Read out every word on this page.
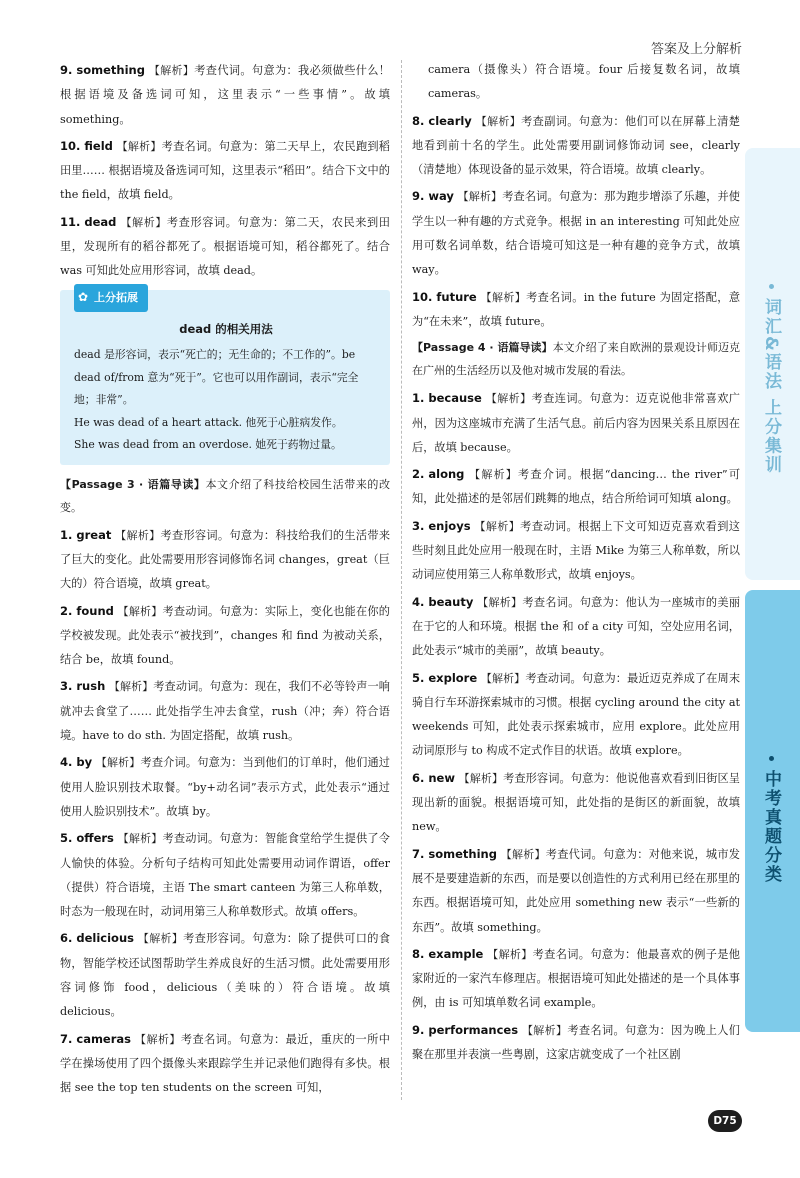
答案及上分解析
9. something 【解析】考查代词。句意为：我必须做些什么！根据语境及备选词可知，这里表示“一些事情”。故填 something。
10. field 【解析】考查名词。句意为：第二天早上，农民跑到稻田里…… 根据语境及备选词可知，这里表示“稻田”。结合下文中的 the field，故填 field。
11. dead 【解析】考查形容词。句意为：第二天，农民来到田里，发现所有的稻谷都死了。根据语境可知，稻谷都死了。结合 was 可知此处应用形容词，故填 dead。
✿ 上分拓展
dead 的相关用法

dead 是形容词，表示“死亡的；无生命的；不工作的”。be dead of/from 意为“死于”。它也可以用作副词，表示“完全地；非常”。

He was dead of a heart attack. 他死于心脏病发作。

She was dead from an overdose. 她死于药物过量。

【Passage 3 · 语篇导读】本文介绍了科技给校园生活带来的改变。
1. great 【解析】考查形容词。句意为：科技给我们的生活带来了巨大的变化。此处需要用形容词修饰名词 changes，great（巨大的）符合语境，故填 great。
2. found 【解析】考查动词。句意为：实际上，变化也能在你的学校被发现。此处表示“被找到”，changes 和 find 为被动关系，结合 be，故填 found。
3. rush 【解析】考查动词。句意为：现在，我们不必等铃声一响就冲去食堂了…… 此处指学生冲去食堂，rush（冲；奔）符合语境。have to do sth. 为固定搭配，故填 rush。
4. by 【解析】考查介词。句意为：当到他们的订单时，他们通过使用人脸识别技术取餐。“by+动名词”表示方式，此处表示“通过使用人脸识别技术”。故填 by。
5. offers 【解析】考查动词。句意为：智能食堂给学生提供了令人愉快的体验。分析句子结构可知此处需要用动词作谓语，offer（提供）符合语境，主语 The smart canteen 为第三人称单数，时态为一般现在时，动词用第三人称单数形式。故填 offers。
6. delicious 【解析】考查形容词。句意为：除了提供可口的食物，智能学校还试图帮助学生养成良好的生活习惯。此处需要用形容词修饰 food，delicious（美味的）符合语境。故填 delicious。
7. cameras 【解析】考查名词。句意为：最近，重庆的一所中学在操场使用了四个摄像头来跟踪学生并记录他们跑得有多快。根据 see the top ten students on the screen 可知，
camera（摄像头）符合语境。four 后接复数名词，故填 cameras。
8. clearly 【解析】考查副词。句意为：他们可以在屏幕上清楚地看到前十名的学生。此处需要用副词修饰动词 see，clearly（清楚地）体现设备的显示效果，符合语境。故填 clearly。
9. way 【解析】考查名词。句意为：那为跑步增添了乐趣，并使学生以一种有趣的方式竞争。根据 in an interesting 可知此处应用可数名词单数，结合语境可知这是一种有趣的竞争方式，故填 way。
10. future 【解析】考查名词。in the future 为固定搭配，意为“在未来”，故填 future。
【Passage 4 · 语篇导读】本文介绍了来自欧洲的景观设计师迈克在广州的生活经历以及他对城市发展的看法。
1. because 【解析】考查连词。句意为：迈克说他非常喜欢广州，因为这座城市充满了生活气息。前后内容为因果关系且原因在后，故填 because。
2. along 【解析】考查介词。根据“dancing… the river”可知，此处描述的是邻居们跳舞的地点，结合所给词可知填 along。
3. enjoys 【解析】考查动词。根据上下文可知迈克喜欢看到这些时刻且此处应用一般现在时，主语 Mike 为第三人称单数，所以动词应使用第三人称单数形式，故填 enjoys。
4. beauty 【解析】考查名词。句意为：他认为一座城市的美丽在于它的人和环境。根据 the 和 of a city 可知，空处应用名词，此处表示“城市的美丽”，故填 beauty。
5. explore 【解析】考查动词。句意为：最近迈克养成了在周末骑自行车环游探索城市的习惯。根据 cycling around the city at weekends 可知，此处表示探索城市，应用 explore。此处应用动词原形与 to 构成不定式作目的状语。故填 explore。
6. new 【解析】考查形容词。句意为：他说他喜欢看到旧街区呈现出新的面貌。根据语境可知，此处指的是街区的新面貌，故填 new。
7. something 【解析】考查代词。句意为：对他来说，城市发展不是要建造新的东西，而是要以创造性的方式利用已经在那里的东西。根据语境可知，此处应用 something new 表示“一些新的东西”。故填 something。
8. example 【解析】考查名词。句意为：他最喜欢的例子是他家附近的一家汽车修理店。根据语境可知此处描述的是一个具体事例，由 is 可知填单数名词 example。
9. performances 【解析】考查名词。句意为：因为晚上人们聚在那里并表演一些粤剧，这家店就变成了一个社区剧
词汇&语法 上分集训
中考真题分类
D75
